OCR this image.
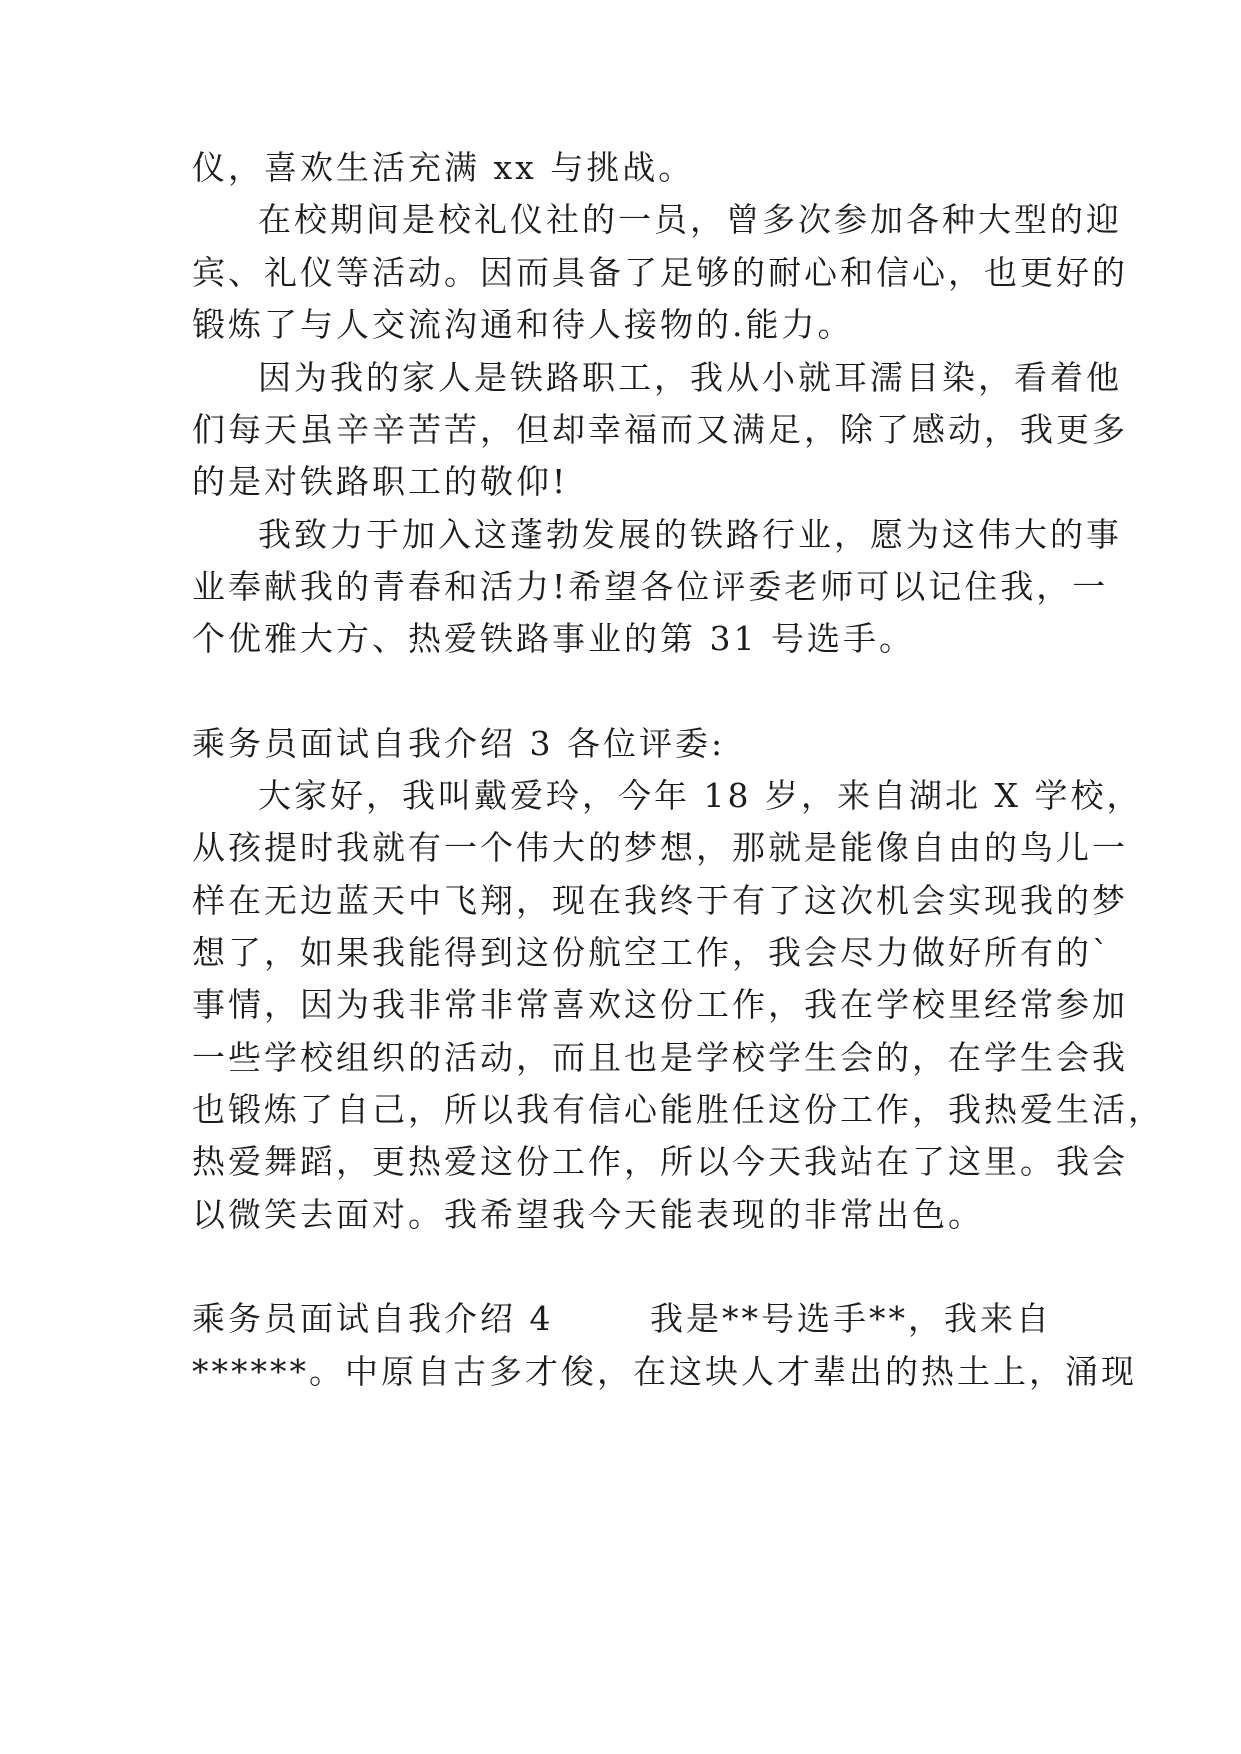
仪，喜欢生活充满 xx 与挑战。
在校期间是校礼仪社的一员，曾多次参加各种大型的迎
宾、礼仪等活动。因而具备了足够的耐心和信心，也更好的
锻炼了与人交流沟通和待人接物的.能力。
因为我的家人是铁路职工，我从小就耳濡目染，看着他
们每天虽辛辛苦苦，但却幸福而又满足，除了感动，我更多
的是对铁路职工的敬仰!
我致力于加入这蓬勃发展的铁路行业，愿为这伟大的事
业奉献我的青春和活力!希望各位评委老师可以记住我，一
个优雅大方、热爱铁路事业的第 31 号选手。
乘务员面试自我介绍 3 各位评委:
大家好，我叫戴爱玲，今年 18 岁，来自湖北 X 学校，
从孩提时我就有一个伟大的梦想，那就是能像自由的鸟儿一
样在无边蓝天中飞翔，现在我终于有了这次机会实现我的梦
想了，如果我能得到这份航空工作，我会尽力做好所有的`
事情，因为我非常非常喜欢这份工作，我在学校里经常参加
一些学校组织的活动，而且也是学校学生会的，在学生会我
也锻炼了自己，所以我有信心能胜任这份工作，我热爱生活，
热爱舞蹈，更热爱这份工作，所以今天我站在了这里。我会
以微笑去面对。我希望我今天能表现的非常出色。
乘务员面试自我介绍 4	我是**号选手**，我来自
******。中原自古多才俊，在这块人才辈出的热土上，涌现
